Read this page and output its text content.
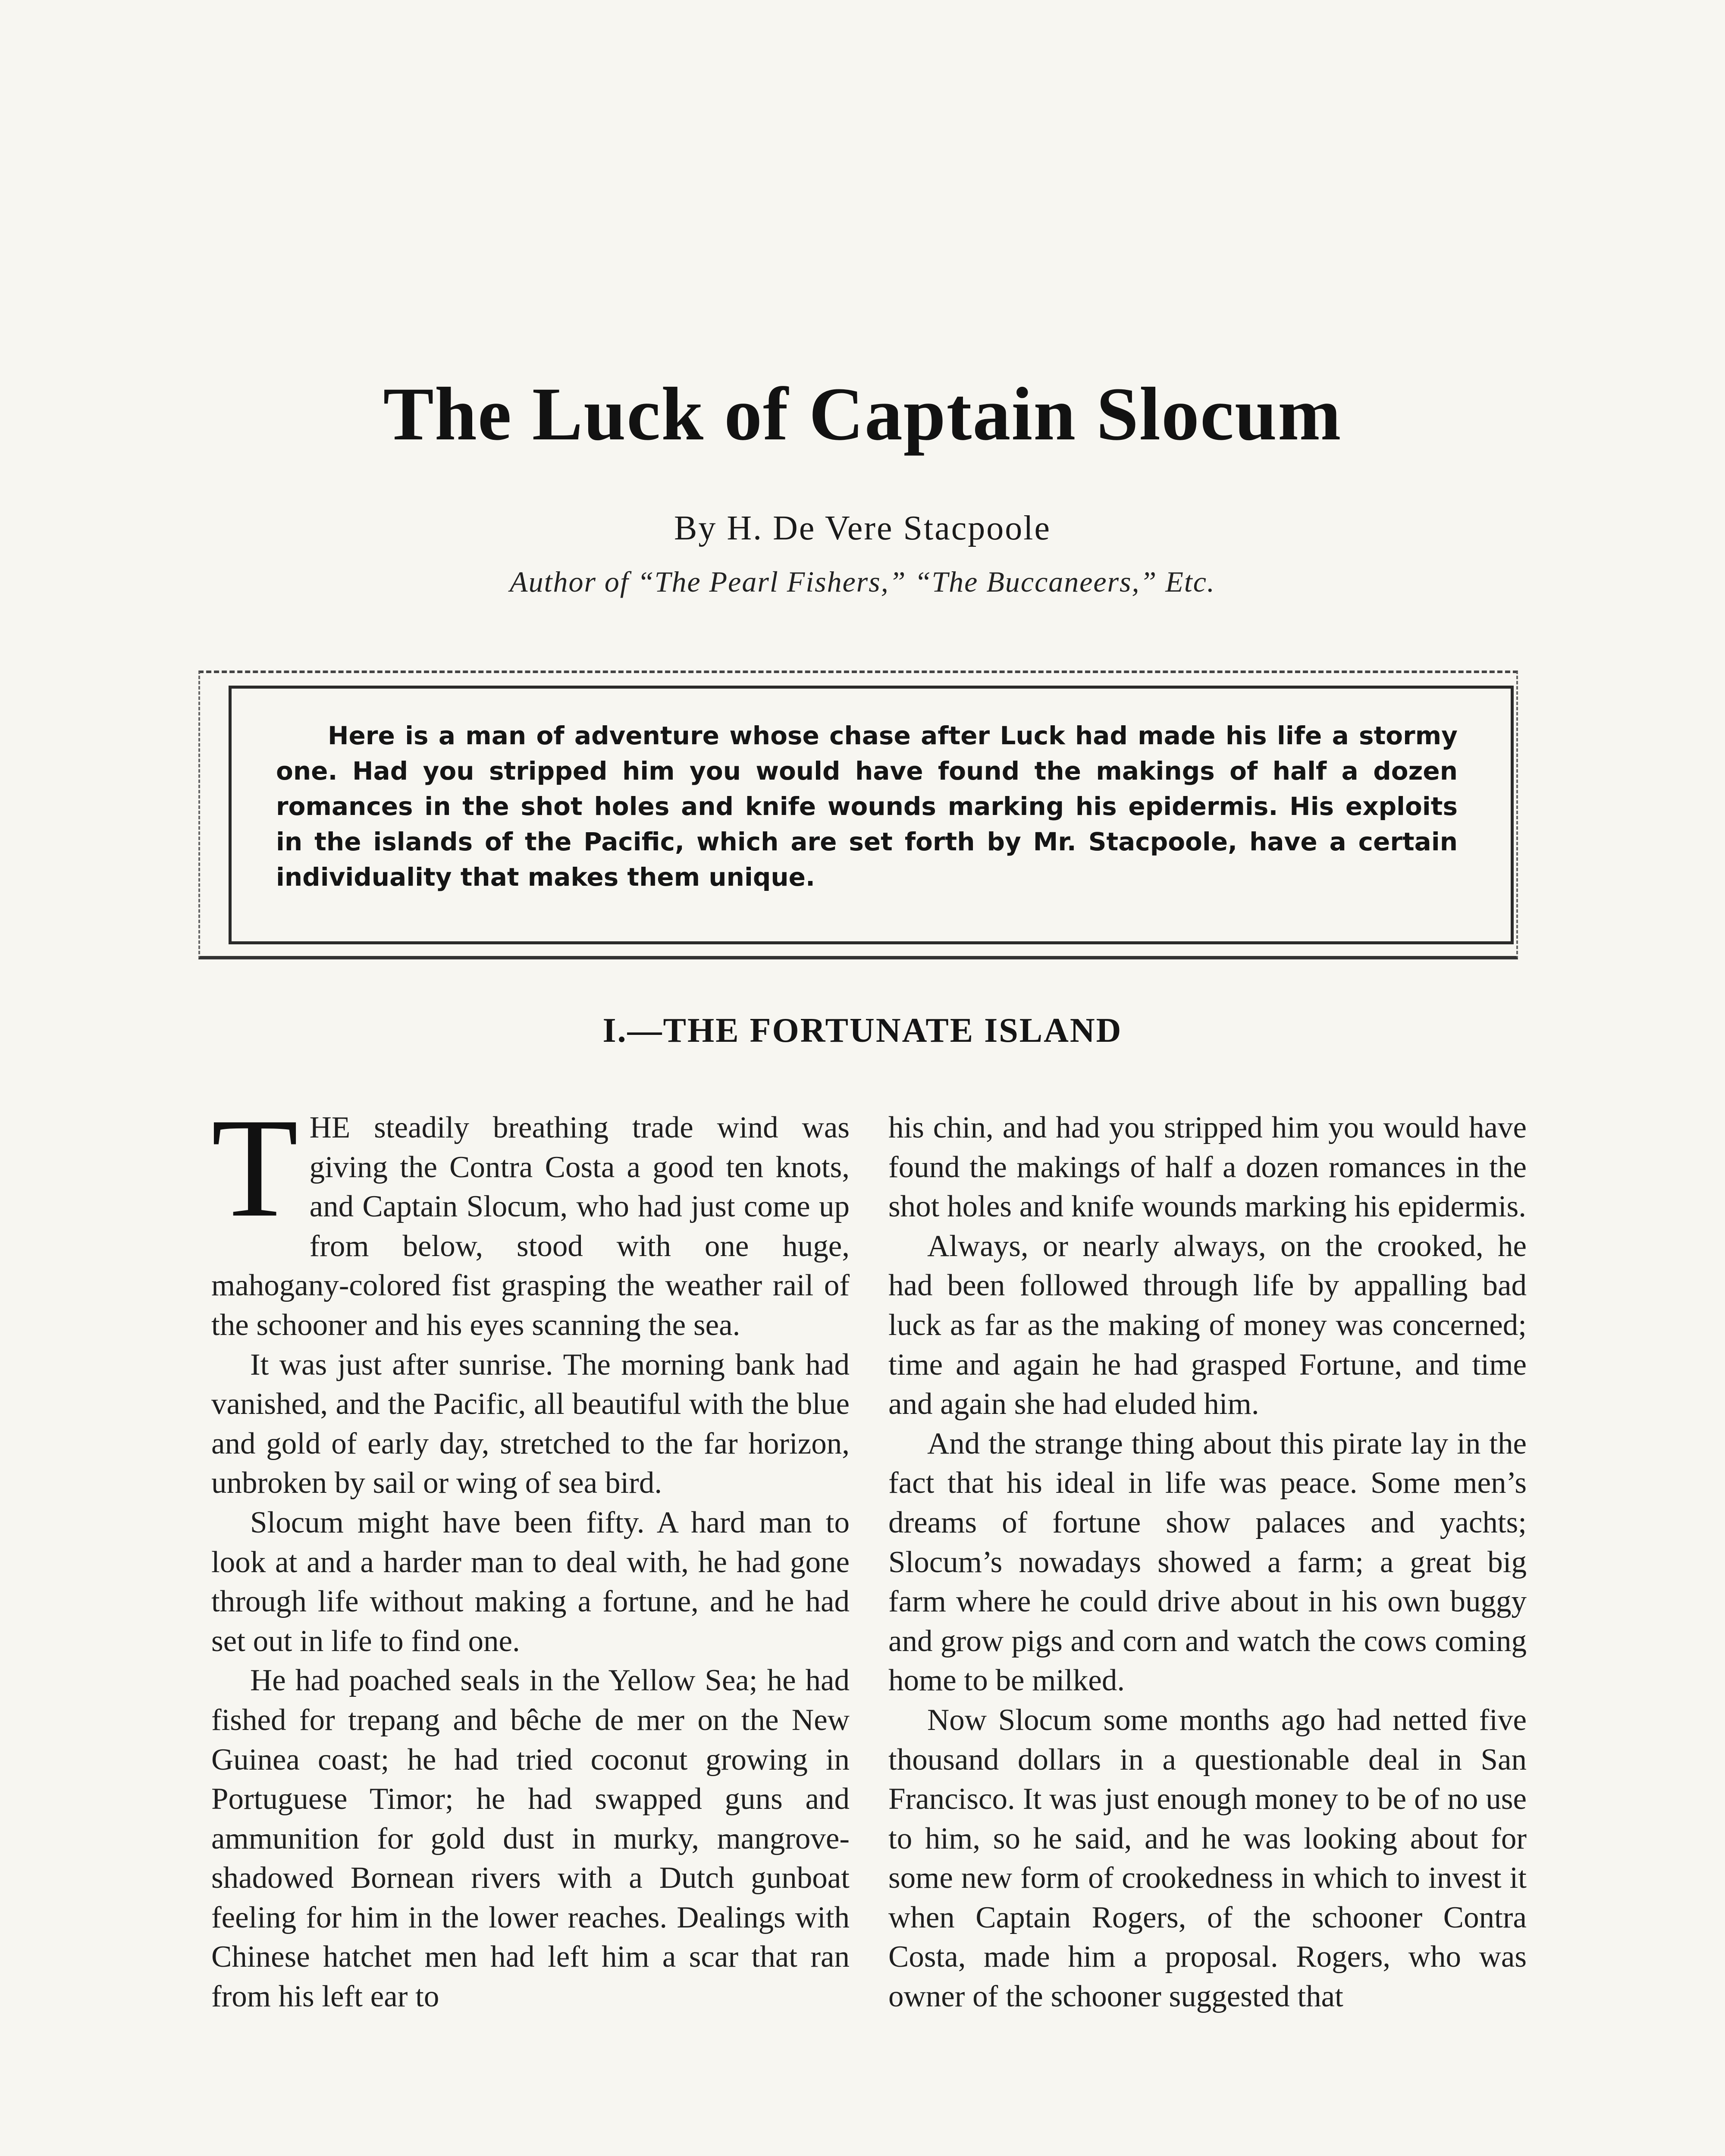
The Luck of Captain Slocum
By H. De Vere Stacpoole
Author of “The Pearl Fishers,” “The Buccaneers,” Etc.
Here is a man of adventure whose chase after Luck had made his life a stormy one. Had you stripped him you would have found the makings of half a dozen romances in the shot holes and knife wounds marking his epidermis. His exploits in the islands of the Pacific, which are set forth by Mr. Stacpoole, have a certain individuality that makes them unique.
I.—THE FORTUNATE ISLAND

THE steadily breathing trade wind was giving the Contra Costa a good ten knots, and Captain Slocum, who had just come up from below, stood with one huge, mahogany-colored fist grasping the weather rail of the schooner and his eyes scanning the sea.

It was just after sunrise. The morning bank had vanished, and the Pacific, all beautiful with the blue and gold of early day, stretched to the far horizon, unbroken by sail or wing of sea bird.

Slocum might have been fifty. A hard man to look at and a harder man to deal with, he had gone through life without making a fortune, and he had set out in life to find one.

He had poached seals in the Yellow Sea; he had fished for trepang and bêche de mer on the New Guinea coast; he had tried coconut growing in Portuguese Timor; he had swapped guns and ammunition for gold dust in murky, mangrove-shadowed Bornean rivers with a Dutch gunboat feeling for him in the lower reaches. Dealings with Chinese hatchet men had left him a scar that ran from his left ear to

his chin, and had you stripped him you would have found the makings of half a dozen romances in the shot holes and knife wounds marking his epidermis.

Always, or nearly always, on the crooked, he had been followed through life by appalling bad luck as far as the making of money was concerned; time and again he had grasped Fortune, and time and again she had eluded him.

And the strange thing about this pirate lay in the fact that his ideal in life was peace. Some men’s dreams of fortune show palaces and yachts; Slocum’s nowadays showed a farm; a great big farm where he could drive about in his own buggy and grow pigs and corn and watch the cows coming home to be milked.

Now Slocum some months ago had netted five thousand dollars in a questionable deal in San Francisco. It was just enough money to be of no use to him, so he said, and he was looking about for some new form of crookedness in which to invest it when Captain Rogers, of the schooner Contra Costa, made him a proposal. Rogers, who was owner of the schooner suggested that
